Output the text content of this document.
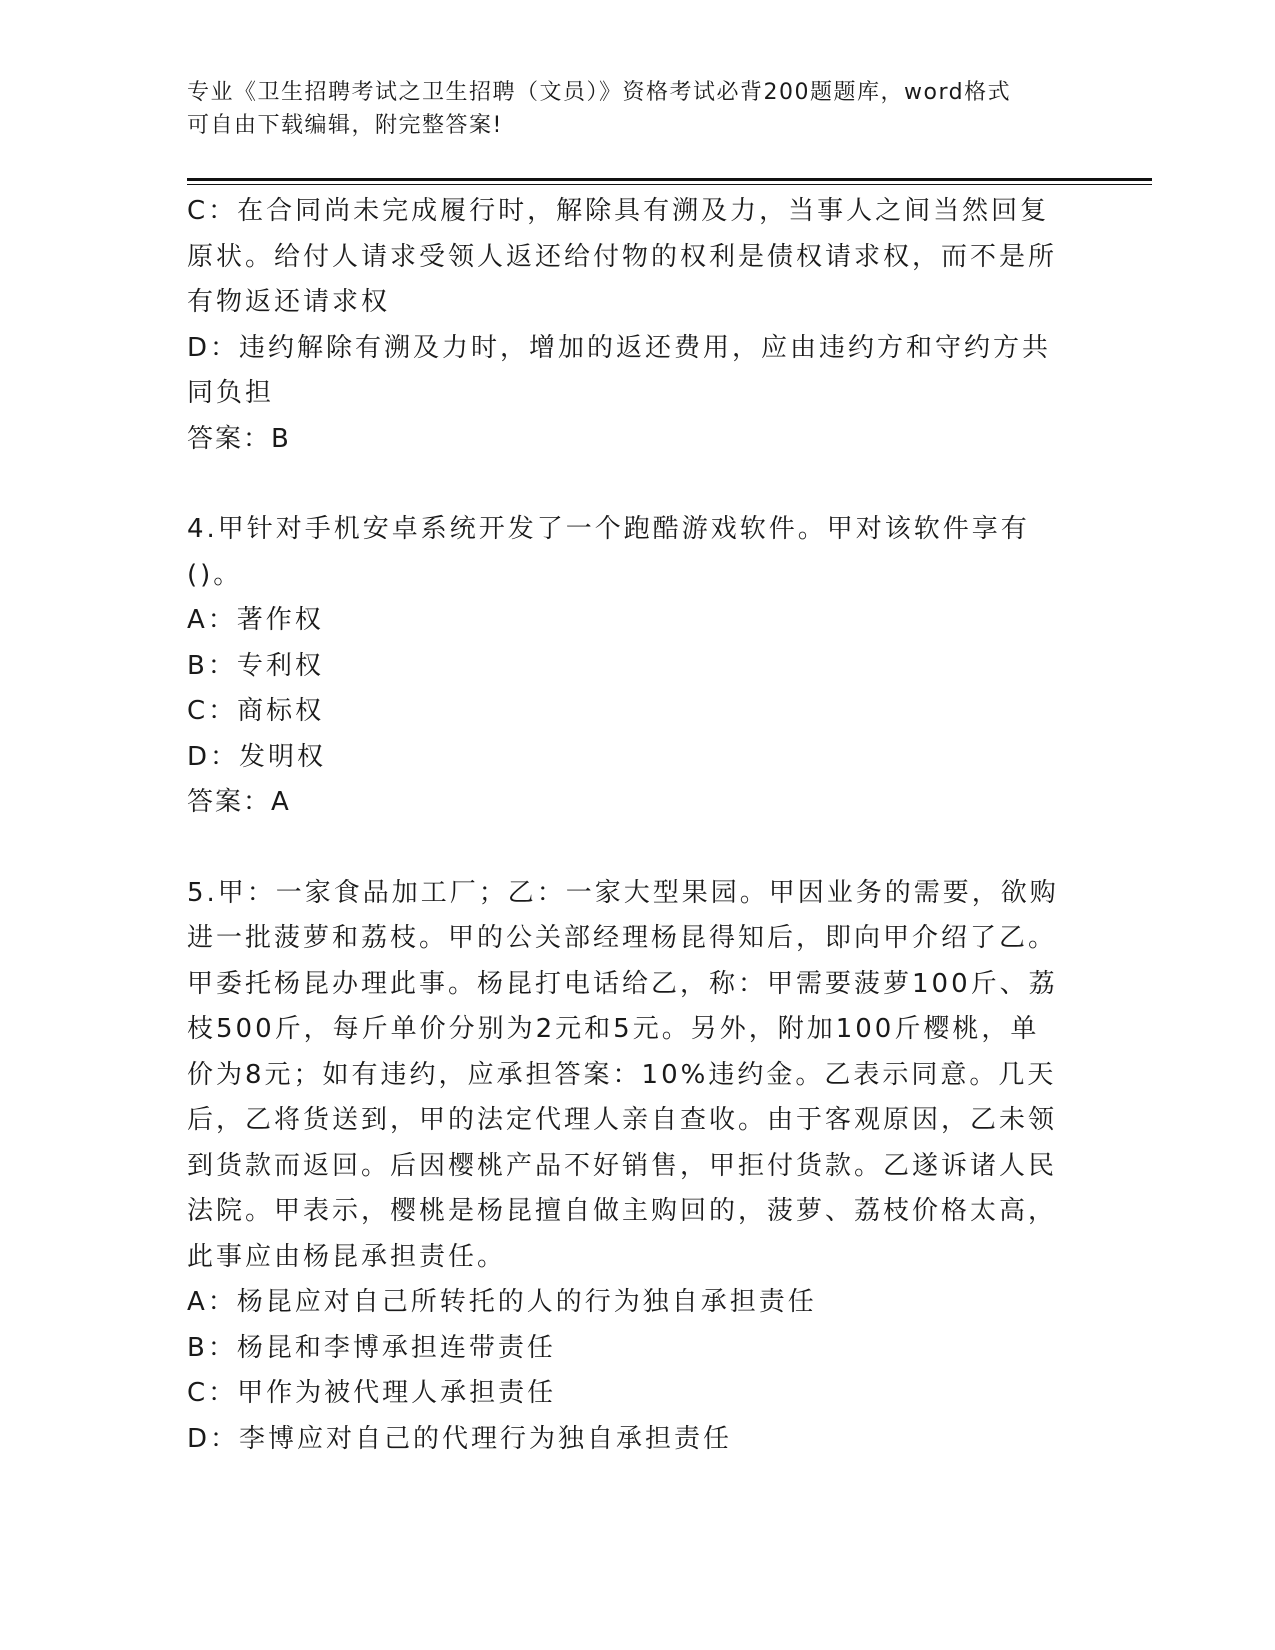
专业《卫生招聘考试之卫生招聘（文员）》资格考试必背200题题库，word格式
可自由下载编辑，附完整答案!

C：在合同尚未完成履行时，解除具有溯及力，当事人之间当然回复原状。给付人请求受领人返还给付物的权利是债权请求权，而不是所有物返还请求权

D：违约解除有溯及力时，增加的返还费用，应由违约方和守约方共同负担

答案：B

4.甲针对手机安卓系统开发了一个跑酷游戏软件。甲对该软件享有()。

A：著作权

B：专利权

C：商标权

D：发明权

答案：A

5.甲：一家食品加工厂；乙：一家大型果园。甲因业务的需要，欲购进一批菠萝和荔枝。甲的公关部经理杨昆得知后，即向甲介绍了乙。甲委托杨昆办理此事。杨昆打电话给乙，称：甲需要菠萝100斤、荔枝500斤，每斤单价分别为2元和5元。另外，附加100斤樱桃，单价为8元；如有违约，应承担答案：10%违约金。乙表示同意。几天后，乙将货送到，甲的法定代理人亲自查收。由于客观原因，乙未领到货款而返回。后因樱桃产品不好销售，甲拒付货款。乙遂诉诸人民法院。甲表示，樱桃是杨昆擅自做主购回的，菠萝、荔枝价格太高，此事应由杨昆承担责任。

A：杨昆应对自己所转托的人的行为独自承担责任

B：杨昆和李博承担连带责任

C：甲作为被代理人承担责任

D：李博应对自己的代理行为独自承担责任
